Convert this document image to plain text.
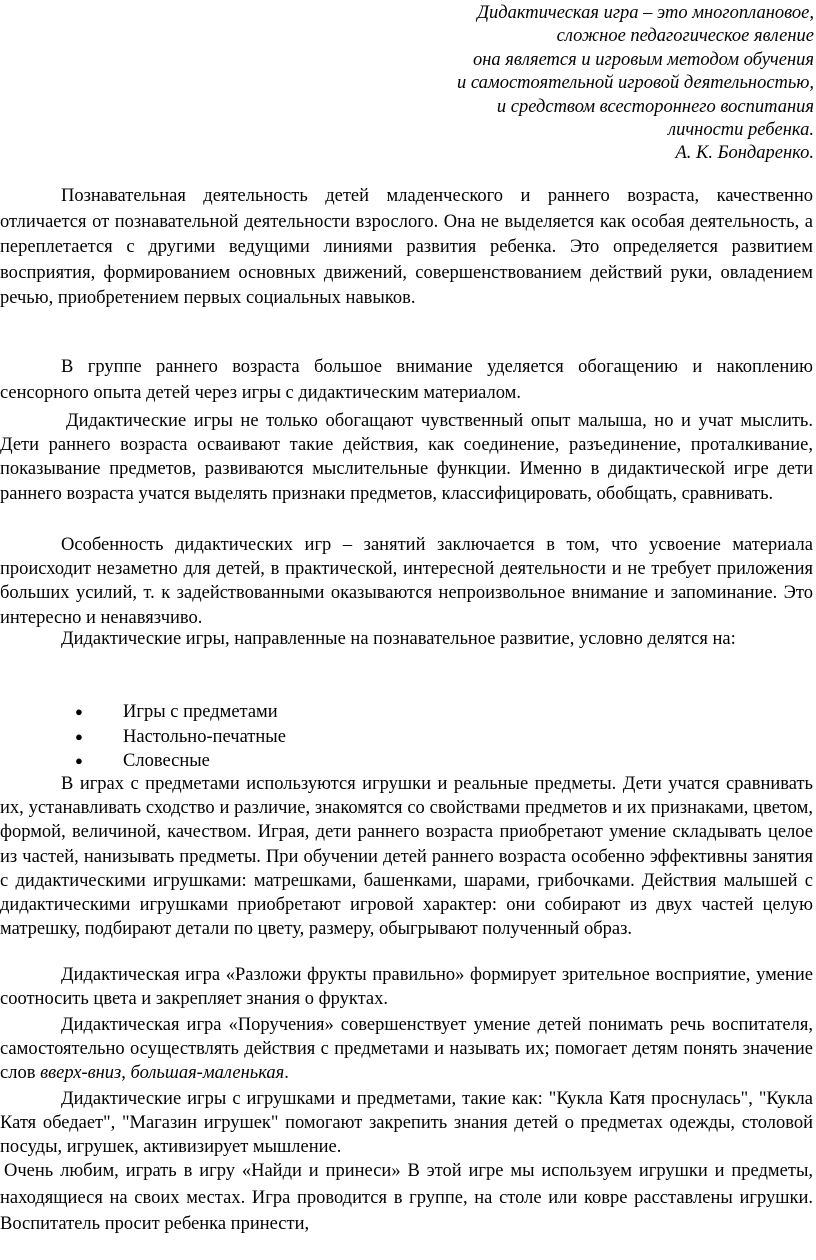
Дидактическая игра – это многоплановое,
сложное педагогическое явление
она является и игровым методом обучения
и самостоятельной игровой деятельностью,
и средством всестороннего воспитания
личности ребенка.
А. К. Бондаренко.

Познавательная деятельность детей младенческого и раннего возраста, качественно отличается от познавательной деятельности взрослого. Она не выделяется как особая деятельность, а переплетается с другими ведущими линиями развития ребенка. Это определяется развитием восприятия, формированием основных движений, совершенствованием действий руки, овладением речью, приобретением первых социальных навыков.

В группе раннего возраста большое внимание уделяется обогащению и накоплению сенсорного опыта детей через игры с дидактическим материалом.

Дидактические игры не только обогащают чувственный опыт малыша, но и учат мыслить. Дети раннего возраста осваивают такие действия, как соединение, разъединение, проталкивание, показывание предметов, развиваются мыслительные функции. Именно в дидактической игре дети раннего возраста учатся выделять признаки предметов, классифицировать, обобщать, сравнивать.

Особенность дидактических игр – занятий заключается в том, что усвоение материала происходит незаметно для детей, в практической, интересной деятельности и не требует приложения больших усилий, т. к задействованными оказываются непроизвольное внимание и запоминание. Это интересно и ненавязчиво.

Дидактические игры, направленные на познавательное развитие, условно делятся на:

● Игры с предметами
● Настольно-печатные
● Словесные

В играх с предметами используются игрушки и реальные предметы. Дети учатся сравнивать их, устанавливать сходство и различие, знакомятся со свойствами предметов и их признаками, цветом, формой, величиной, качеством. Играя, дети раннего возраста приобретают умение складывать целое из частей, нанизывать предметы. При обучении детей раннего возраста особенно эффективны занятия с дидактическими игрушками: матрешками, башенками, шарами, грибочками. Действия малышей с дидактическими игрушками приобретают игровой характер: они собирают из двух частей целую матрешку, подбирают детали по цвету, размеру, обыгрывают полученный образ.

Дидактическая игра «Разложи фрукты правильно» формирует зрительное восприятие, умение соотносить цвета и закрепляет знания о фруктах.

Дидактическая игра «Поручения» совершенствует умение детей понимать речь воспитателя, самостоятельно осуществлять действия с предметами и называть их; помогает детям понять значение слов вверх-вниз, большая-маленькая.

Дидактические игры с игрушками и предметами, такие как: "Кукла Катя проснулась", "Кукла Катя обедает", "Магазин игрушек" помогают закрепить знания детей о предметах одежды, столовой посуды, игрушек, активизирует мышление.

Очень любим, играть в игру «Найди и принеси» В этой игре мы используем игрушки и предметы, находящиеся на своих местах. Игра проводится в группе, на столе или ковре расставлены игрушки. Воспитатель просит ребенка принести,
